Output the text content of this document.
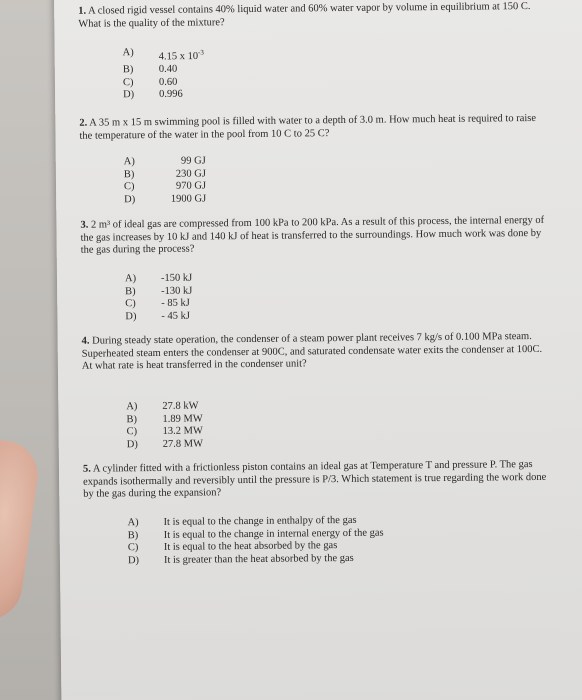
1. A closed rigid vessel contains 40% liquid water and 60% water vapor by volume in equilibrium at 150 C. What is the quality of the mixture?

A)	4.15 x $10^{-3}$
B)	0.40
C)	0.60
D)	0.996

2. A 35 m x 15 m swimming pool is filled with water to a depth of 3.0 m. How much heat is required to raise the temperature of the water in the pool from 10 C to 25 C?

A)	99 GJ
B)	230 GJ
C)	970 GJ
D)	1900 GJ

3. 2 m³ of ideal gas are compressed from 100 kPa to 200 kPa. As a result of this process, the internal energy of the gas increases by 10 kJ and 140 kJ of heat is transferred to the surroundings. How much work was done by the gas during the process?

A)	-150 kJ
B)	-130 kJ
C)	- 85 kJ
D)	- 45 kJ

4. During steady state operation, the condenser of a steam power plant receives 7 kg/s of 0.100 MPa steam. Superheated steam enters the condenser at 900C, and saturated condensate water exits the condenser at 100C. At what rate is heat transferred in the condenser unit?

A)	27.8 kW
B)	1.89 MW
C)	13.2 MW
D)	27.8 MW

5. A cylinder fitted with a frictionless piston contains an ideal gas at Temperature T and pressure P. The gas expands isothermally and reversibly until the pressure is P/3. Which statement is true regarding the work done by the gas during the expansion?

A)	It is equal to the change in enthalpy of the gas
B)	It is equal to the change in internal energy of the gas
C)	It is equal to the heat absorbed by the gas
D)	It is greater than the heat absorbed by the gas
